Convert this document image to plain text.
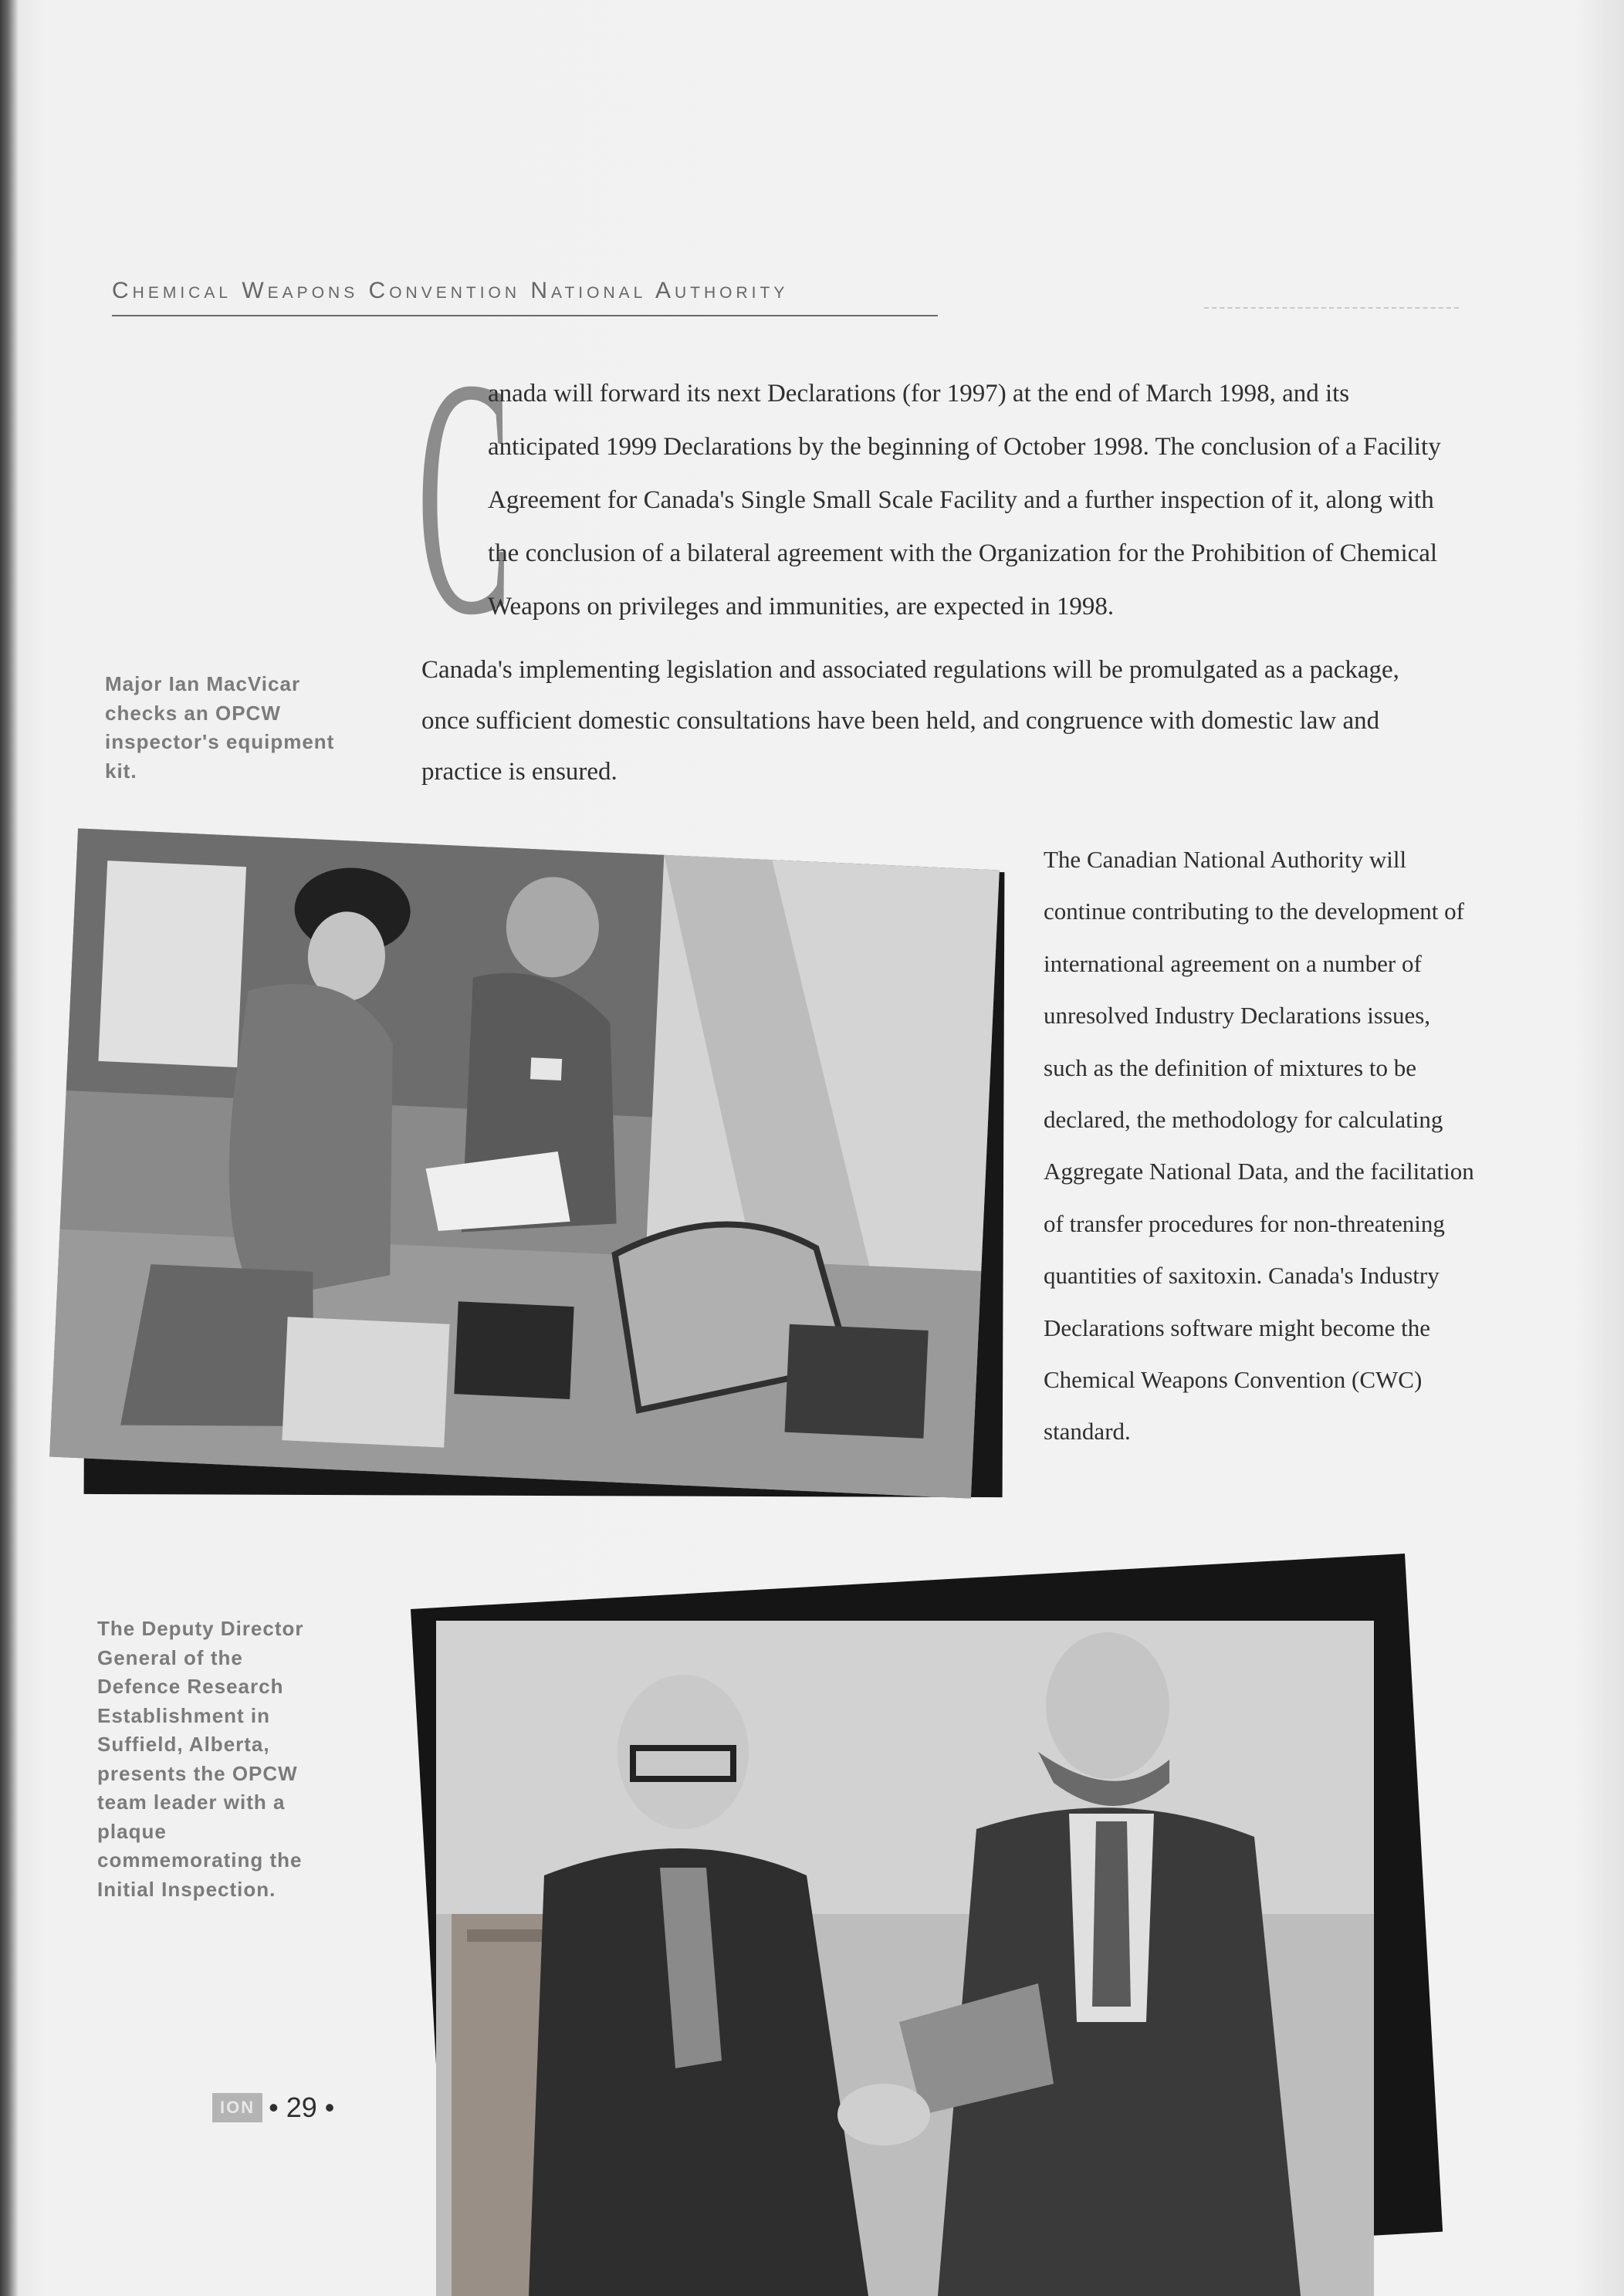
Chemical Weapons Convention National Authority
C
anada will forward its next Declarations (for 1997) at the end of March 1998, and its anticipated 1999 Declarations by the beginning of October 1998. The conclusion of a Facility Agreement for Canada's Single Small Scale Facility and a further inspection of it, along with the conclusion of a bilateral agreement with the Organization for the Prohibition of Chemical Weapons on privileges and immunities, are expected in 1998.
Canada's implementing legislation and associated regulations will be promulgated as a package, once sufficient domestic consultations have been held, and congruence with domestic law and practice is ensured.
Major Ian MacVicar checks an OPCW inspector's equipment kit.
The Canadian National Authority will continue contributing to the development of international agreement on a number of unresolved Industry Declarations issues, such as the definition of mixtures to be declared, the methodology for calculating Aggregate National Data, and the facilitation of transfer procedures for non-threatening quantities of saxitoxin. Canada's Industry Declarations software might become the Chemical Weapons Convention (CWC) standard.
The Deputy Director General of the Defence Research Establishment in Suffield, Alberta, presents the OPCW team leader with a plaque commemorating the Initial Inspection.
ION • 29 •
